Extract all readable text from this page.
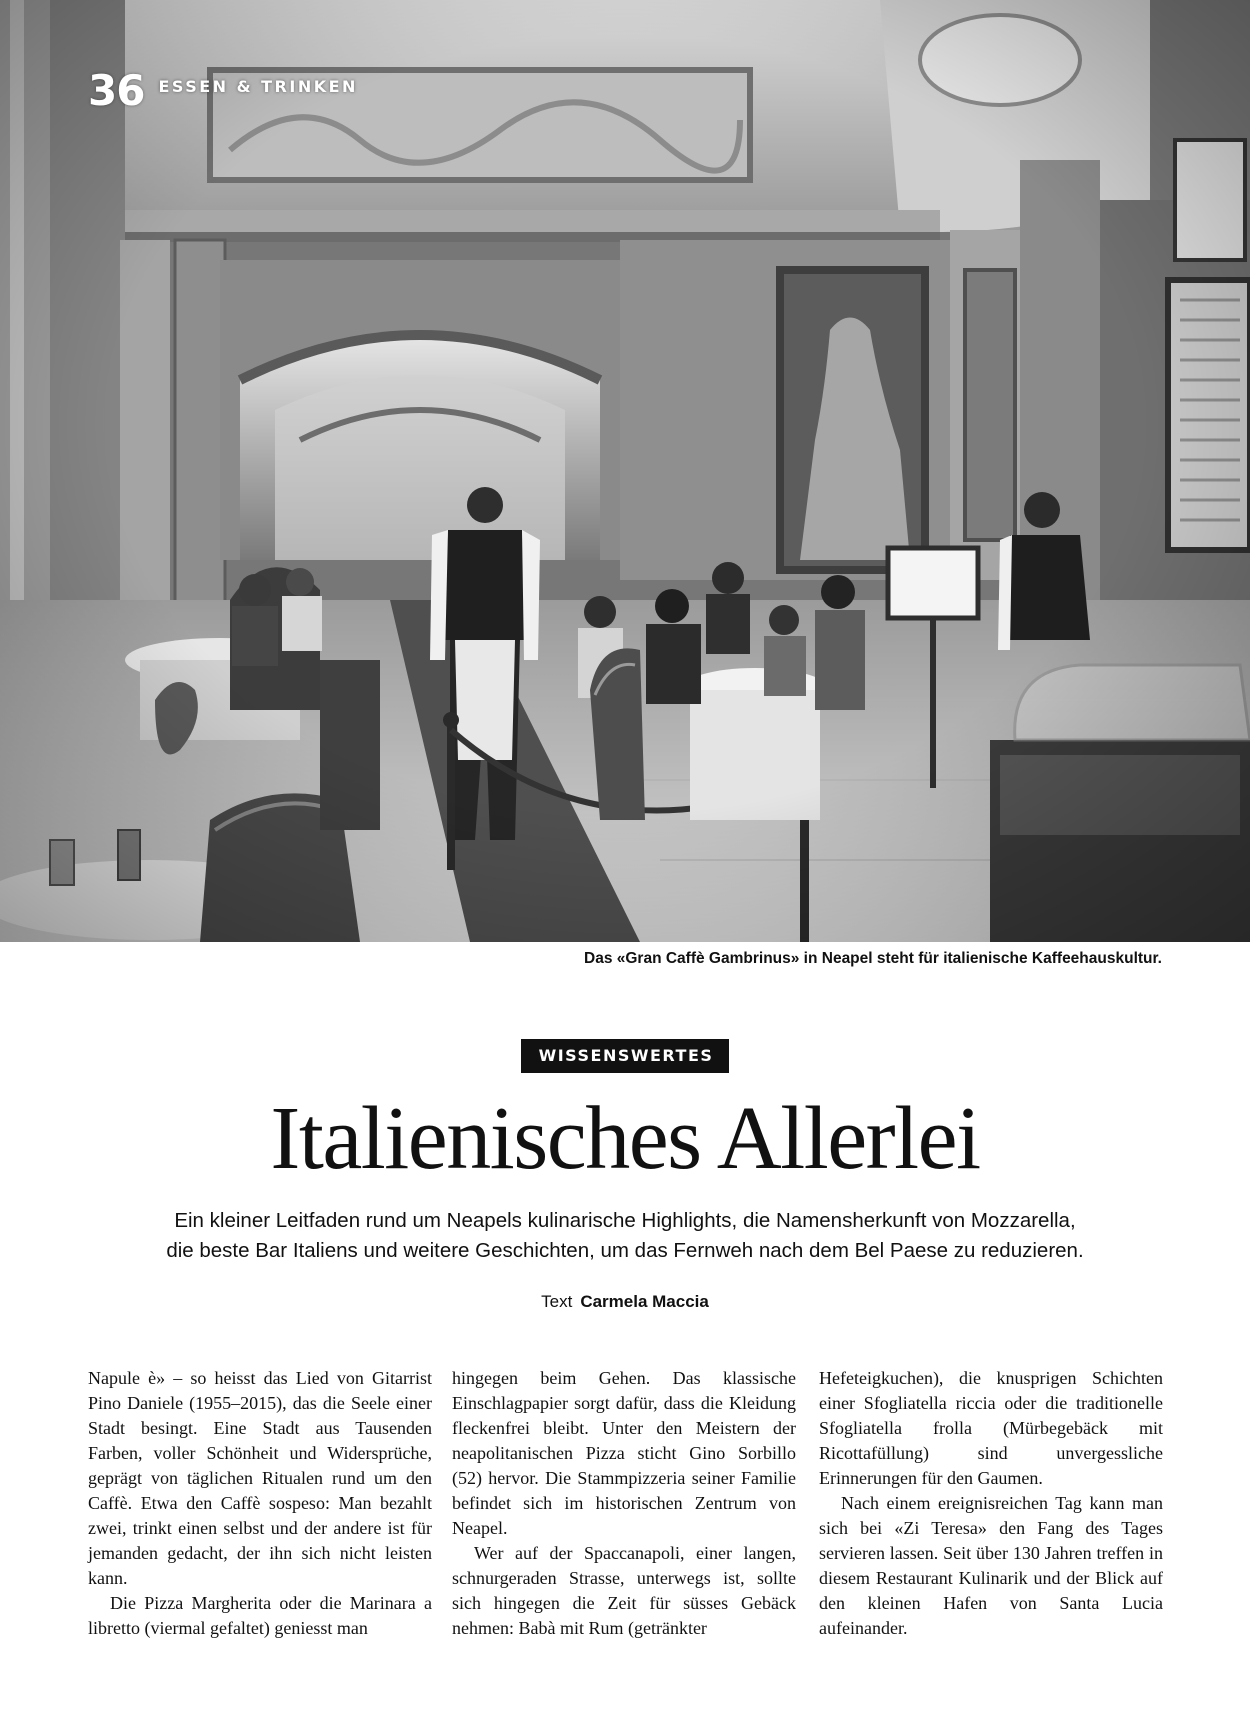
36 ESSEN & TRINKEN
Das «Gran Caffè Gambrinus» in Neapel steht für italienische Kaffeehauskultur.
WISSENSWERTES
Italienisches Allerlei
Ein kleiner Leitfaden rund um Neapels kulinarische Highlights, die Namensherkunft von Mozzarella,
die beste Bar Italiens und weitere Geschichten, um das Fernweh nach dem Bel Paese zu reduzieren.
Text Carmela Maccia

Napule è» – so heisst das Lied von Gitarrist Pino Daniele (1955–2015), das die Seele einer Stadt besingt. Eine Stadt aus Tausenden Farben, voller Schönheit und Widersprüche, geprägt von täglichen Ritualen rund um den Caffè. Etwa den Caffè sospeso: Man bezahlt zwei, trinkt einen selbst und der andere ist für jemanden gedacht, der ihn sich nicht leisten kann.

Die Pizza Margherita oder die Marinara a libretto (viermal gefaltet) geniesst man

hingegen beim Gehen. Das klassische Einschlagpapier sorgt dafür, dass die Kleidung fleckenfrei bleibt. Unter den Meistern der neapolitanischen Pizza sticht Gino Sorbillo (52) hervor. Die Stammpizzeria seiner Familie befindet sich im historischen Zentrum von Neapel.

Wer auf der Spaccanapoli, einer langen, schnurgeraden Strasse, unterwegs ist, sollte sich hingegen die Zeit für süsses Gebäck nehmen: Babà mit Rum (getränkter

Hefeteigkuchen), die knusprigen Schichten einer Sfogliatella riccia oder die traditionelle Sfogliatella frolla (Mürbegebäck mit Ricottafüllung) sind unvergessliche Erinnerungen für den Gaumen.

Nach einem ereignisreichen Tag kann man sich bei «Zi Teresa» den Fang des Tages servieren lassen. Seit über 130 Jahren treffen in diesem Restaurant Kulinarik und der Blick auf den kleinen Hafen von Santa Lucia aufeinander.
